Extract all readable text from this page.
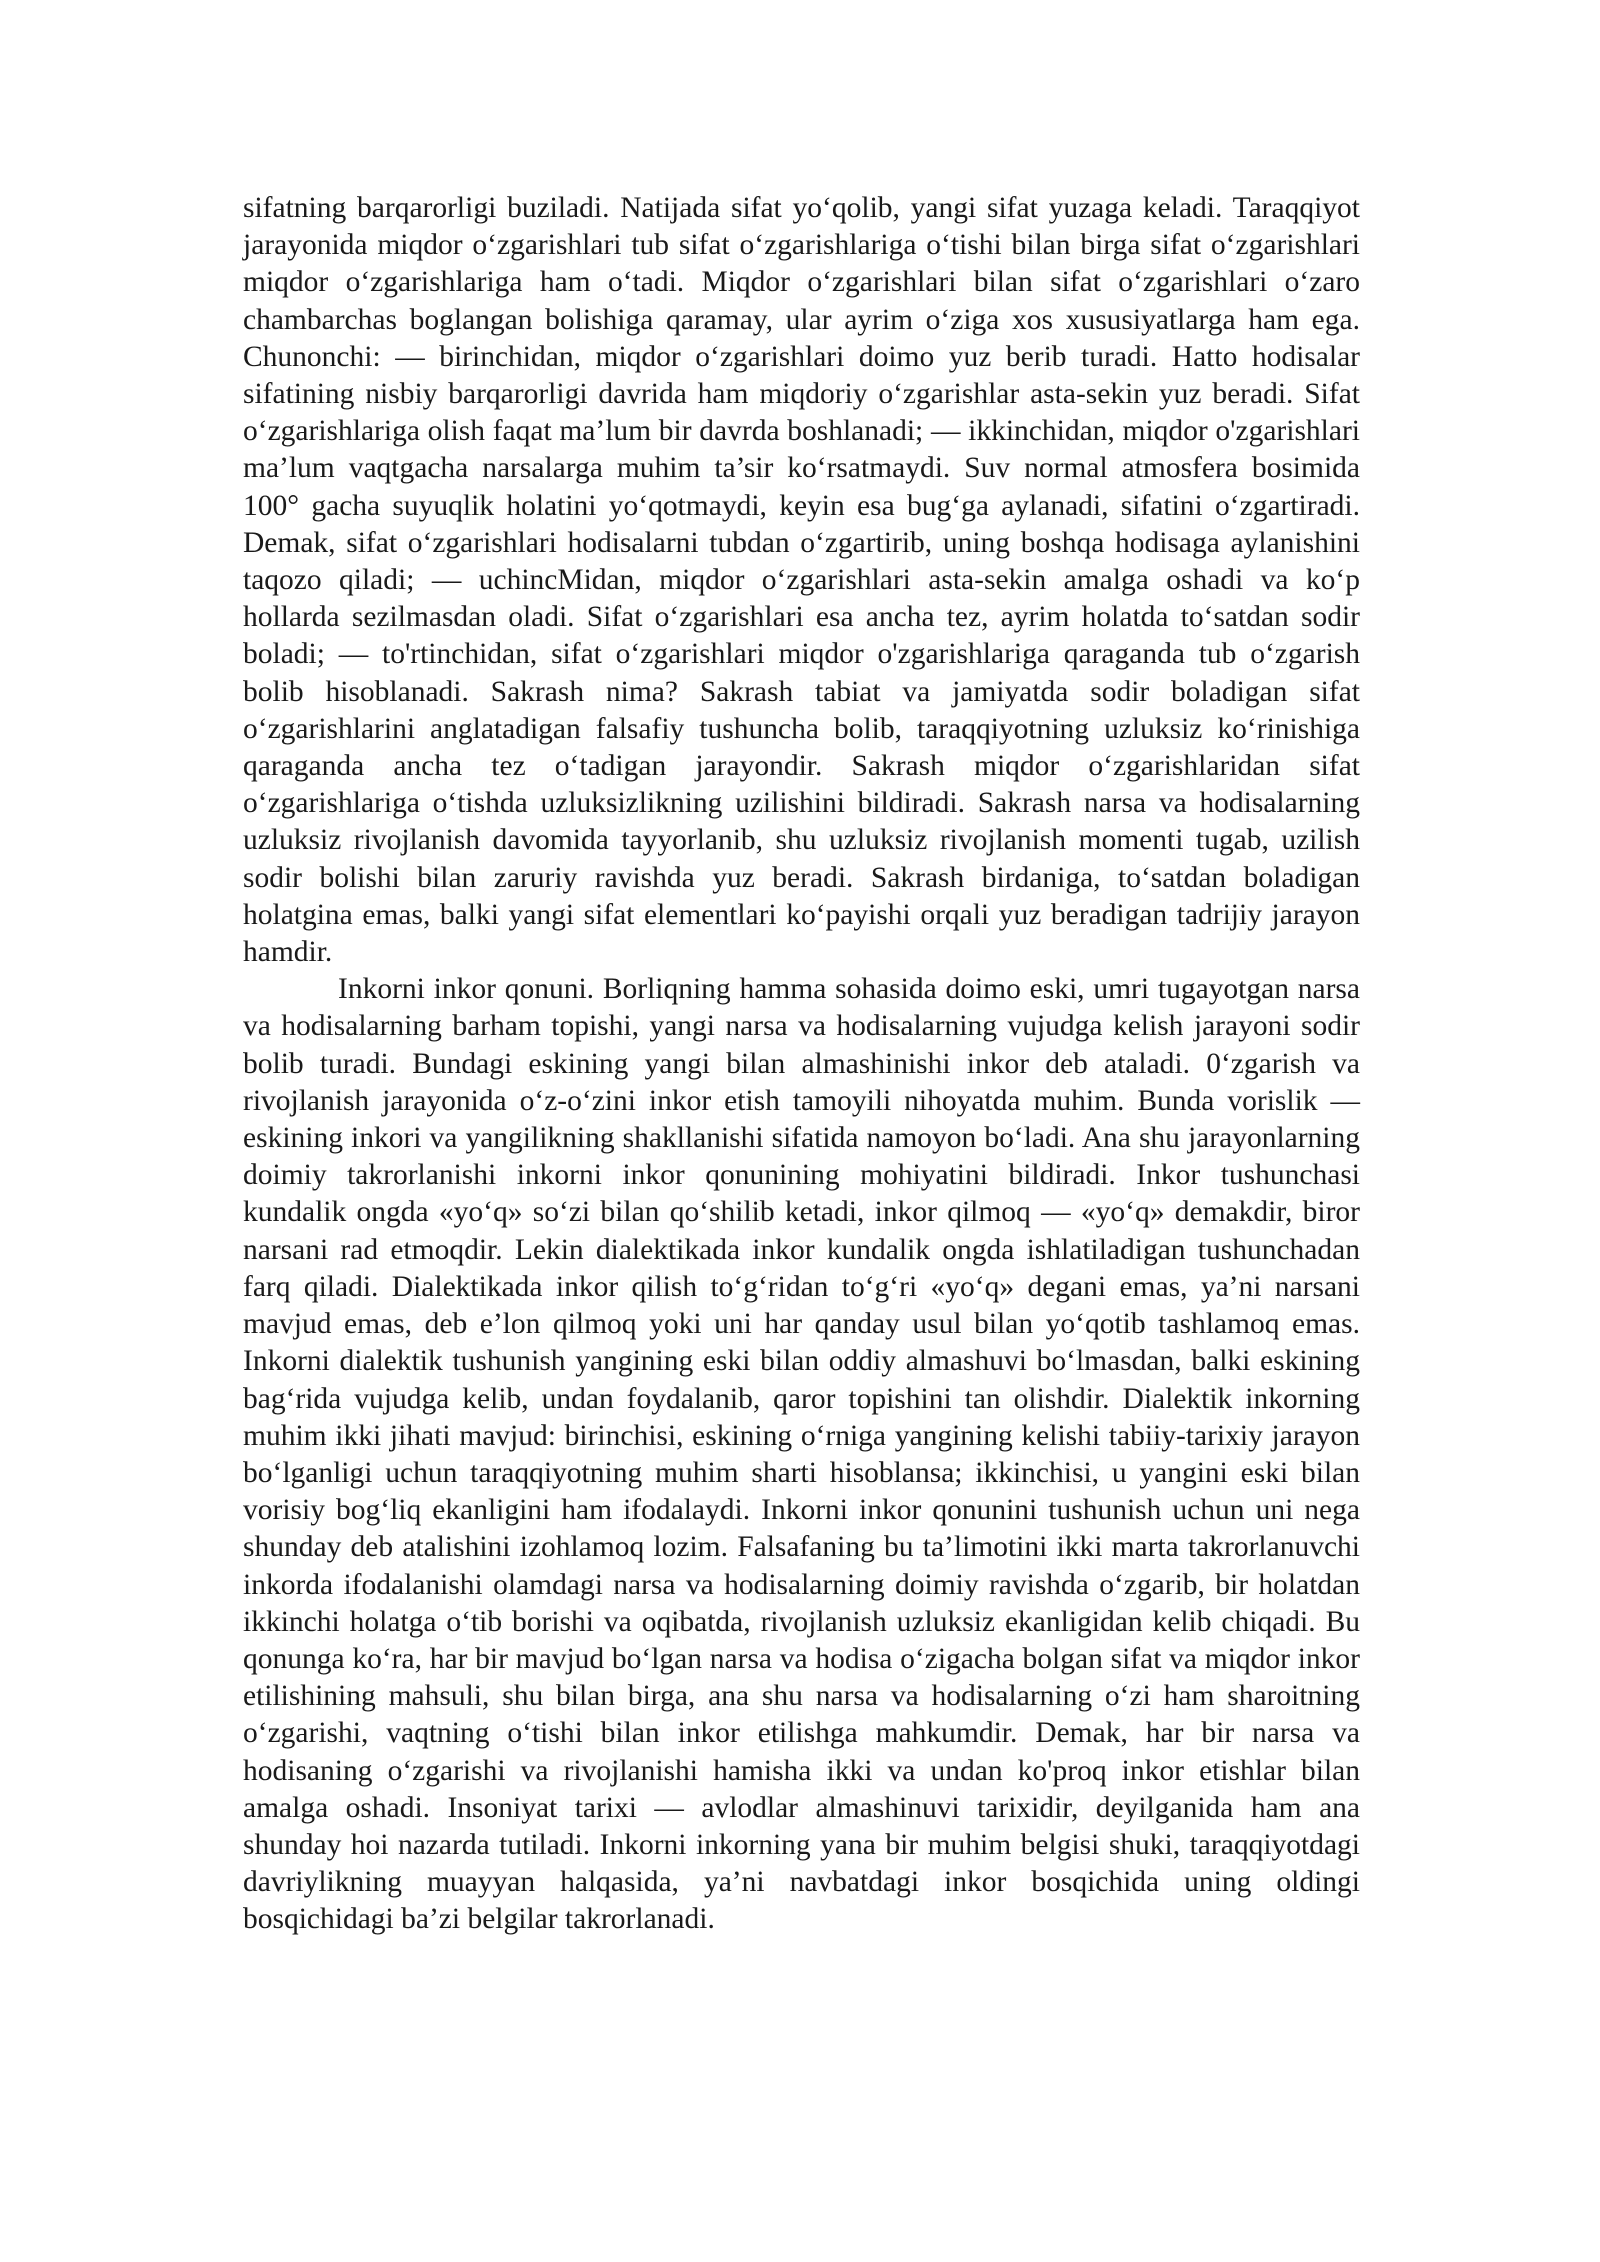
sifatning barqarorligi buziladi. Natijada sifat yo‘qolib, yangi sifat yuzaga keladi. Taraqqiyot jarayonida miqdor o‘zgarishlari tub sifat o‘zgarishlariga o‘tishi bilan birga sifat o‘zgarishlari miqdor o‘zgarishlariga ham o‘tadi. Miqdor o‘zgarishlari bilan sifat o‘zgarishlari o‘zaro chambarchas boglangan bolishiga qaramay, ular ayrim o‘ziga xos xususiyatlarga ham ega. Chunonchi: — birinchidan, miqdor o‘zgarishlari doimo yuz berib turadi. Hatto hodisalar sifatining nisbiy barqarorligi davrida ham miqdoriy o‘zgarishlar asta-sekin yuz beradi. Sifat o‘zgarishlariga olish faqat ma’lum bir davrda boshlanadi; — ikkinchidan, miqdor o'zgarishlari ma’lum vaqtgacha narsalarga muhim ta’sir ko‘rsatmaydi. Suv normal atmosfera bosimida 100° gacha suyuqlik holatini yo‘qotmaydi, keyin esa bug‘ga aylanadi, sifatini o‘zgartiradi. Demak, sifat o‘zgarishlari hodisalarni tubdan o‘zgartirib, uning boshqa hodisaga aylanishini taqozo qiladi; — uchincMidan, miqdor o‘zgarishlari asta-sekin amalga oshadi va ko‘p hollarda sezilmasdan oladi. Sifat o‘zgarishlari esa ancha tez, ayrim holatda to‘satdan sodir boladi; — to'rtinchidan, sifat o‘zgarishlari miqdor o'zgarishlariga qaraganda tub o‘zgarish bolib hisoblanadi. Sakrash nima? Sakrash tabiat va jamiyatda sodir boladigan sifat o‘zgarishlarini anglatadigan falsafiy tushuncha bolib, taraqqiyotning uzluksiz ko‘rinishiga qaraganda ancha tez o‘tadigan jarayondir. Sakrash miqdor o‘zgarishlaridan sifat o‘zgarishlariga o‘tishda uzluksizlikning uzilishini bildiradi. Sakrash narsa va hodisalarning uzluksiz rivojlanish davomida tayyorlanib, shu uzluksiz rivojlanish momenti tugab, uzilish sodir bolishi bilan zaruriy ravishda yuz beradi. Sakrash birdaniga, to‘satdan boladigan holatgina emas, balki yangi sifat elementlari ko‘payishi orqali yuz beradigan tadrijiy jarayon hamdir.

Inkorni inkor qonuni. Borliqning hamma sohasida doimo eski, umri tugayotgan narsa va hodisalarning barham topishi, yangi narsa va hodisalarning vujudga kelish jarayoni sodir bolib turadi. Bundagi eskining yangi bilan almashinishi inkor deb ataladi. 0‘zgarish va rivojlanish jarayonida o‘z-o‘zini inkor etish tamoyili nihoyatda muhim. Bunda vorislik — eskining inkori va yangilikning shakllanishi sifatida namoyon bo‘ladi. Ana shu jarayonlarning doimiy takrorlanishi inkorni inkor qonunining mohiyatini bildiradi. Inkor tushunchasi kundalik ongda «yo‘q» so‘zi bilan qo‘shilib ketadi, inkor qilmoq — «yo‘q» demakdir, biror narsani rad etmoqdir. Lekin dialektikada inkor kundalik ongda ishlatiladigan tushunchadan farq qiladi. Dialektikada inkor qilish to‘g‘ridan to‘g‘ri «yo‘q» degani emas, ya’ni narsani mavjud emas, deb e’lon qilmoq yoki uni har qanday usul bilan yo‘qotib tashlamoq emas. Inkorni dialektik tushunish yangining eski bilan oddiy almashuvi bo‘lmasdan, balki eskining bag‘rida vujudga kelib, undan foydalanib, qaror topishini tan olishdir. Dialektik inkorning muhim ikki jihati mavjud: birinchisi, eskining o‘rniga yangining kelishi tabiiy-tarixiy jarayon bo‘lganligi uchun taraqqiyotning muhim sharti hisoblansa; ikkinchisi, u yangini eski bilan vorisiy bog‘liq ekanligini ham ifodalaydi. Inkorni inkor qonunini tushunish uchun uni nega shunday deb atalishini izohlamoq lozim. Falsafaning bu ta’limotini ikki marta takrorlanuvchi inkorda ifodalanishi olamdagi narsa va hodisalarning doimiy ravishda o‘zgarib, bir holatdan ikkinchi holatga o‘tib borishi va oqibatda, rivojlanish uzluksiz ekanligidan kelib chiqadi. Bu qonunga ko‘ra, har bir mavjud bo‘lgan narsa va hodisa o‘zigacha bolgan sifat va miqdor inkor etilishining mahsuli, shu bilan birga, ana shu narsa va hodisalarning o‘zi ham sharoitning o‘zgarishi, vaqtning o‘tishi bilan inkor etilishga mahkumdir. Demak, har bir narsa va hodisaning o‘zgarishi va rivojlanishi hamisha ikki va undan ko'proq inkor etishlar bilan amalga oshadi. Insoniyat tarixi — avlodlar almashinuvi tarixidir, deyilganida ham ana shunday hoi nazarda tutiladi. Inkorni inkorning yana bir muhim belgisi shuki, taraqqiyotdagi davriylikning muayyan halqasida, ya’ni navbatdagi inkor bosqichida uning oldingi bosqichidagi ba’zi belgilar takrorlanadi.
